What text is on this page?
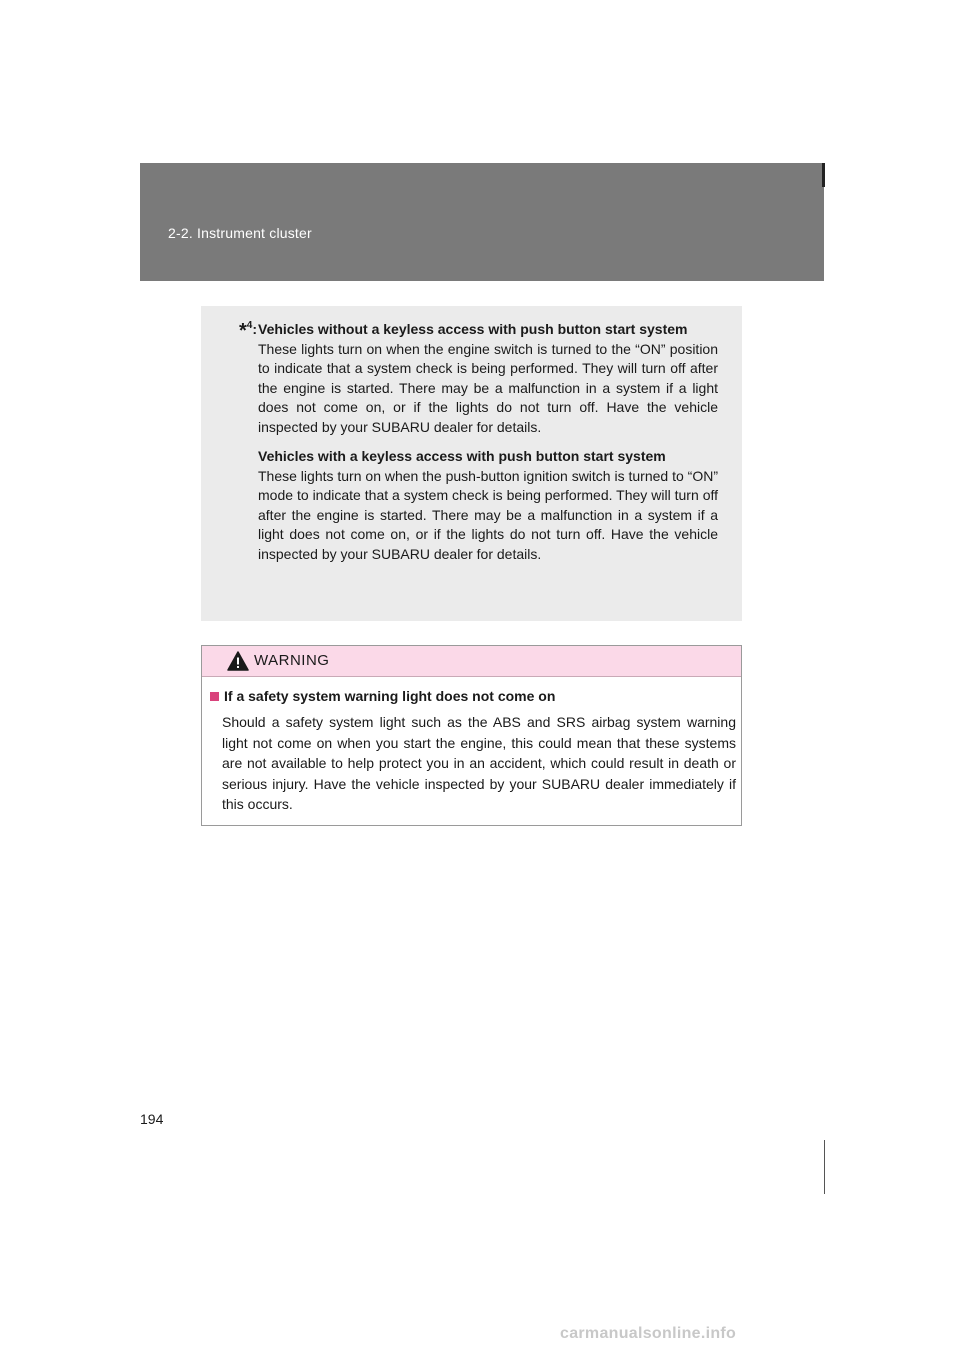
2-2. Instrument cluster
*$^4$: Vehicles without a keyless access with push button start system

These lights turn on when the engine switch is turned to the “ON” position to indicate that a system check is being performed. They will turn off after the engine is started. There may be a malfunction in a system if a light does not come on, or if the lights do not turn off. Have the vehicle inspected by your SUBARU dealer for details.

Vehicles with a keyless access with push button start system

These lights turn on when the push-button ignition switch is turned to “ON” mode to indicate that a system check is being performed. They will turn off after the engine is started. There may be a malfunction in a system if a light does not come on, or if the lights do not turn off. Have the vehicle inspected by your SUBARU dealer for details.

WARNING
If a safety system warning light does not come on
Should a safety system light such as the ABS and SRS airbag system warning light not come on when you start the engine, this could mean that these systems are not available to help protect you in an accident, which could result in death or serious injury. Have the vehicle inspected by your SUBARU dealer immediately if this occurs.
194
carmanualsonline.info
